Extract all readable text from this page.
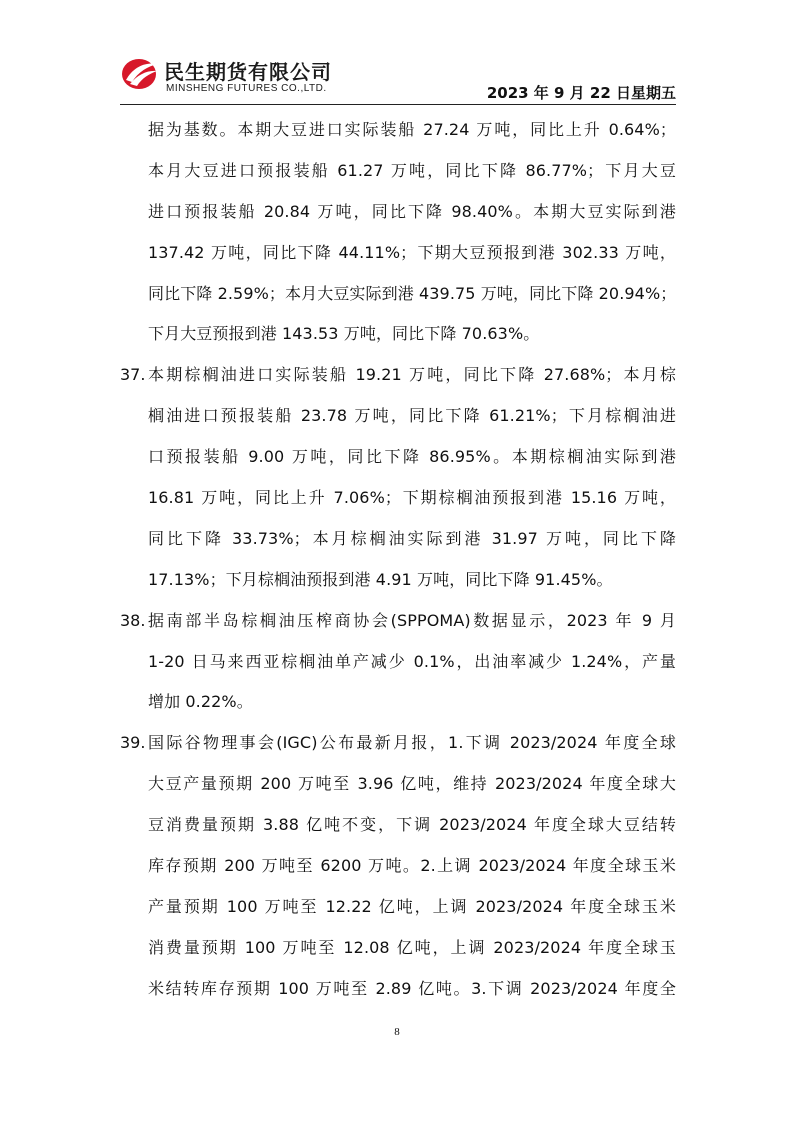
民生期货有限公司
MINSHENG FUTURES CO.,LTD.	2023 年 9 月 22 日星期五
据为基数。本期大豆进口实际装船 27.24 万吨，同比上升 0.64%；
本月大豆进口预报装船 61.27 万吨，同比下降 86.77%；下月大豆
进口预报装船 20.84 万吨，同比下降 98.40%。本期大豆实际到港
137.42 万吨，同比下降 44.11%；下期大豆预报到港 302.33 万吨，
同比下降 2.59%；本月大豆实际到港 439.75 万吨，同比下降 20.94%；
下月大豆预报到港 143.53 万吨，同比下降 70.63%。
37. 本期棕榈油进口实际装船 19.21 万吨，同比下降 27.68%；本月棕
榈油进口预报装船 23.78 万吨，同比下降 61.21%；下月棕榈油进
口预报装船 9.00 万吨，同比下降 86.95%。本期棕榈油实际到港
16.81 万吨，同比上升 7.06%；下期棕榈油预报到港 15.16 万吨，
同比下降 33.73%；本月棕榈油实际到港 31.97 万吨，同比下降
17.13%；下月棕榈油预报到港 4.91 万吨，同比下降 91.45%。
38. 据南部半岛棕榈油压榨商协会(SPPOMA)数据显示，2023 年 9 月
1-20 日马来西亚棕榈油单产减少 0.1%，出油率减少 1.24%，产量
增加 0.22%。
39. 国际谷物理事会(IGC)公布最新月报，1.下调 2023/2024 年度全球
大豆产量预期 200 万吨至 3.96 亿吨，维持 2023/2024 年度全球大
豆消费量预期 3.88 亿吨不变，下调 2023/2024 年度全球大豆结转
库存预期 200 万吨至 6200 万吨。2.上调 2023/2024 年度全球玉米
产量预期 100 万吨至 12.22 亿吨，上调 2023/2024 年度全球玉米
消费量预期 100 万吨至 12.08 亿吨，上调 2023/2024 年度全球玉
米结转库存预期 100 万吨至 2.89 亿吨。3.下调 2023/2024 年度全
8
